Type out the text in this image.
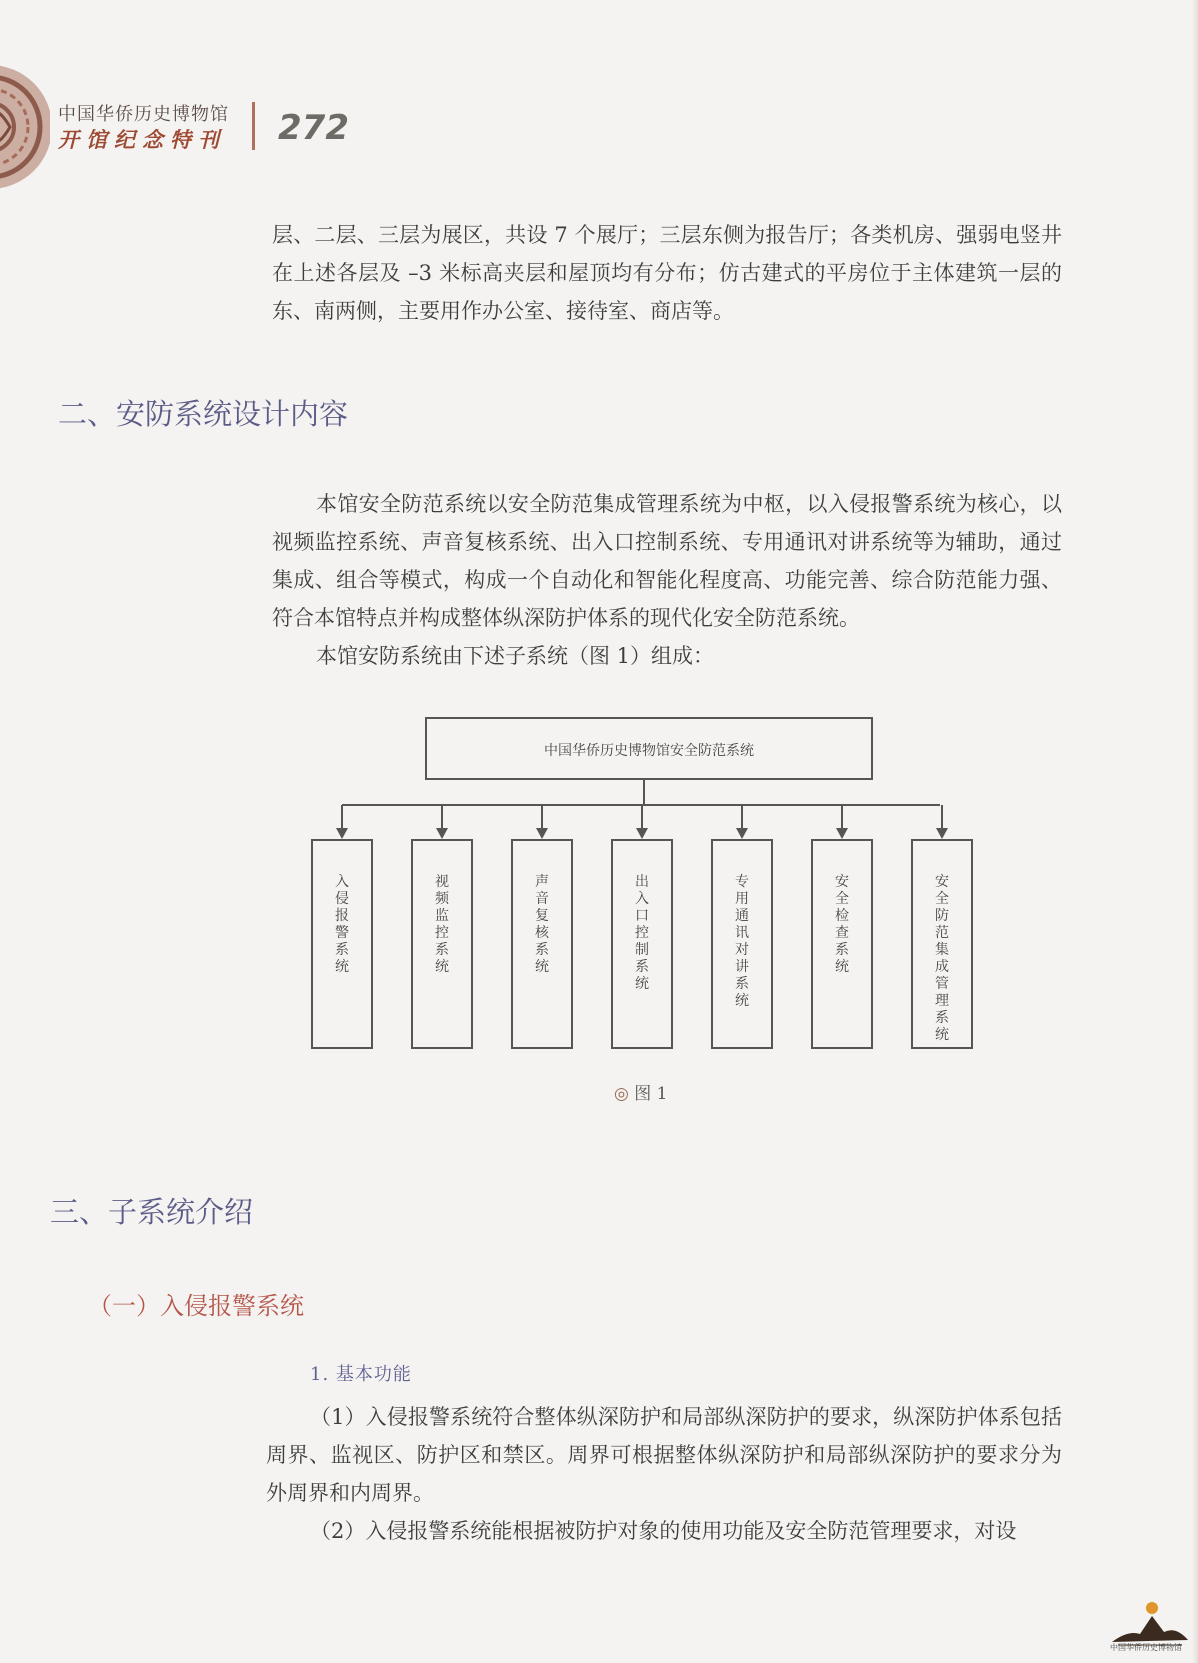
中国华侨历史博物馆
开馆纪念特刊 272

层、二层、三层为展区，共设 7 个展厅；三层东侧为报告厅；各类机房、强弱电竖井在上述各层及 –3 米标高夹层和屋顶均有分布；仿古建式的平房位于主体建筑一层的东、南两侧，主要用作办公室、接待室、商店等。

二、安防系统设计内容

本馆安全防范系统以安全防范集成管理系统为中枢，以入侵报警系统为核心，以视频监控系统、声音复核系统、出入口控制系统、专用通讯对讲系统等为辅助，通过集成、组合等模式，构成一个自动化和智能化程度高、功能完善、综合防范能力强、符合本馆特点并构成整体纵深防护体系的现代化安全防范系统。

本馆安防系统由下述子系统（图 1）组成：

中国华侨历史博物馆安全防范系统
入侵报警系统
视频监控系统
声音复核系统
出入口控制系统
专用通讯对讲系统
安全检查系统
安全防范集成管理系统
◎ 图 1
三、子系统介绍
（一）入侵报警系统
1. 基本功能

（1）入侵报警系统符合整体纵深防护和局部纵深防护的要求，纵深防护体系包括周界、监视区、防护区和禁区。周界可根据整体纵深防护和局部纵深防护的要求分为外周界和内周界。

（2）入侵报警系统能根据被防护对象的使用功能及安全防范管理要求，对设

中国华侨历史博物馆
